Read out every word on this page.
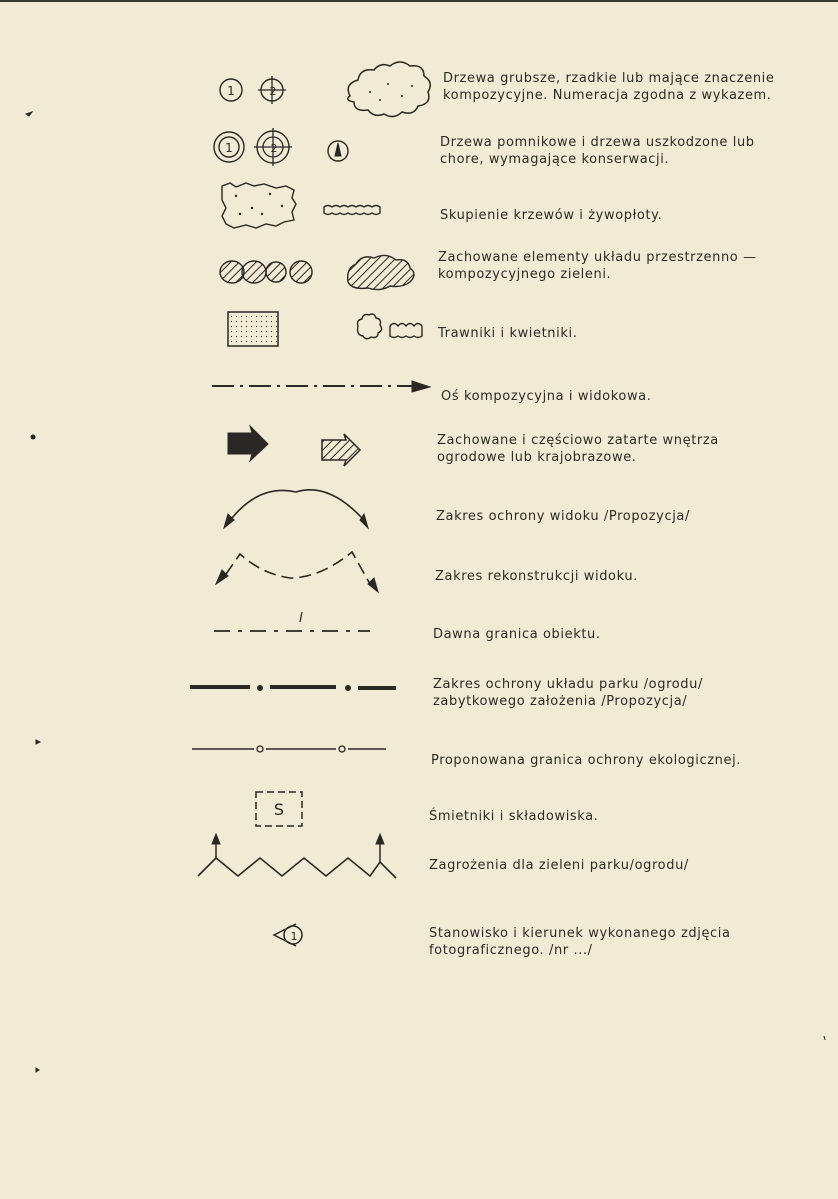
1	2
1	2
S
1

Drzewa grubsze, rzadkie lub mające znaczenie
kompozycyjne. Numeracja zgodna z wykazem.

Drzewa pomnikowe i drzewa uszkodzone lub
chore, wymagające konserwacji.

Skupienie krzewów i żywopłoty.

Zachowane elementy układu przestrzenno —
kompozycyjnego zieleni.

Trawniki i kwietniki.

Oś kompozycyjna i widokowa.

Zachowane i częściowo zatarte wnętrza
ogrodowe lub krajobrazowe.

Zakres ochrony widoku /Propozycja/

Zakres rekonstrukcji widoku.

Dawna granica obiektu.

Zakres ochrony układu parku /ogrodu/
zabytkowego założenia /Propozycja/

Proponowana granica ochrony ekologicznej.

Śmietniki i składowiska.

Zagrożenia dla zieleni parku/ogrodu/

Stanowisko i kierunek wykonanego zdjęcia
fotograficznego. /nr .../
